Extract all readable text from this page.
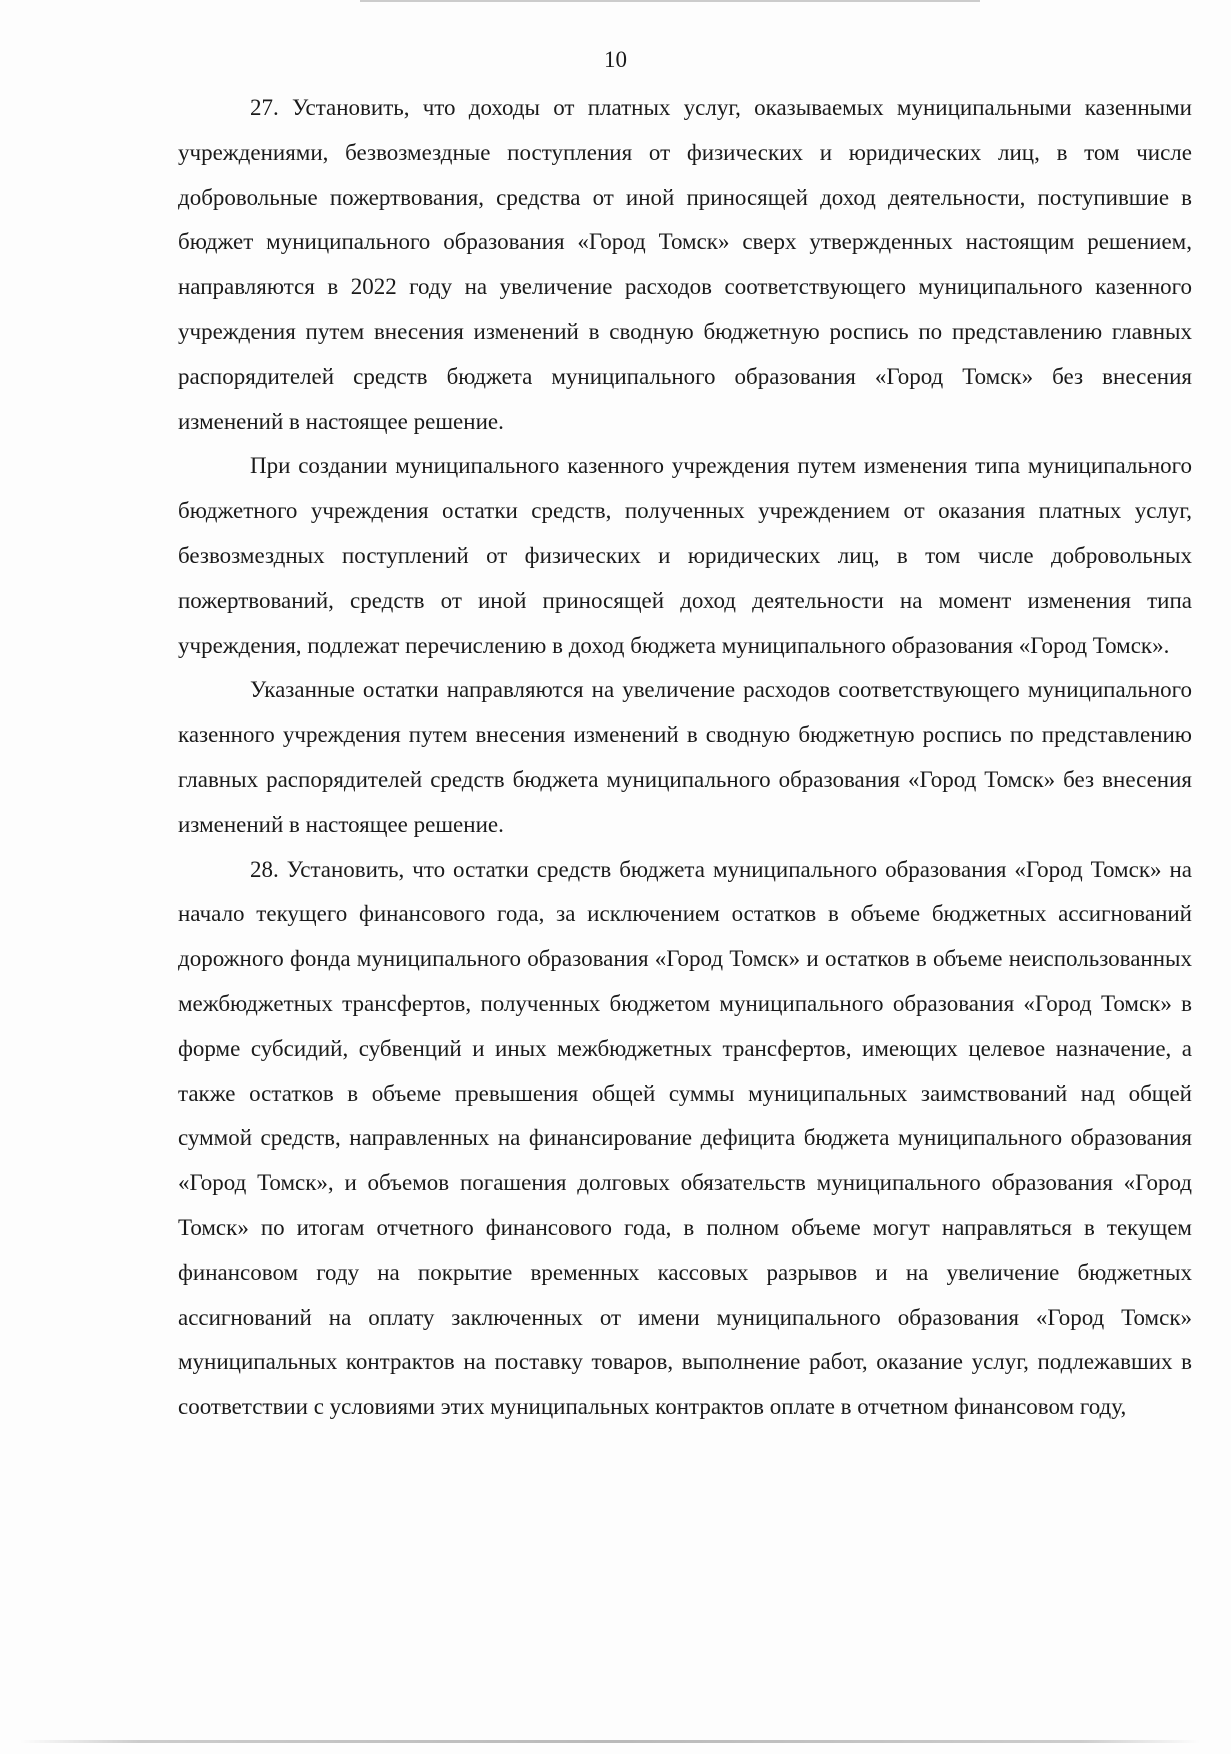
10

27. Установить, что доходы от платных услуг, оказываемых муниципальными казенными учреждениями, безвозмездные поступления от физических и юридических лиц, в том числе добровольные пожертвования, средства от иной приносящей доход деятельности, поступившие в бюджет муниципального образования «Город Томск» сверх утвержденных настоящим решением, направляются в 2022 году на увеличение расходов соответствующего муниципального казенного учреждения путем внесения изменений в сводную бюджетную роспись по представлению главных распорядителей средств бюджета муниципального образования «Город Томск» без внесения изменений в настоящее решение.

При создании муниципального казенного учреждения путем изменения типа муниципального бюджетного учреждения остатки средств, полученных учреждением от оказания платных услуг, безвозмездных поступлений от физических и юридических лиц, в том числе добровольных пожертвований, средств от иной приносящей доход деятельности на момент изменения типа учреждения, подлежат перечислению в доход бюджета муниципального образования «Город Томск».

Указанные остатки направляются на увеличение расходов соответствующего муниципального казенного учреждения путем внесения изменений в сводную бюджетную роспись по представлению главных распорядителей средств бюджета муниципального образования «Город Томск» без внесения изменений в настоящее решение.

28. Установить, что остатки средств бюджета муниципального образования «Город Томск» на начало текущего финансового года, за исключением остатков в объеме бюджетных ассигнований дорожного фонда муниципального образования «Город Томск» и остатков в объеме неиспользованных межбюджетных трансфертов, полученных бюджетом муниципального образования «Город Томск» в форме субсидий, субвенций и иных межбюджетных трансфертов, имеющих целевое назначение, а также остатков в объеме превышения общей суммы муниципальных заимствований над общей суммой средств, направленных на финансирование дефицита бюджета муниципального образования «Город Томск», и объемов погашения долговых обязательств муниципального образования «Город Томск» по итогам отчетного финансового года, в полном объеме могут направляться в текущем финансовом году на покрытие временных кассовых разрывов и на увеличение бюджетных ассигнований на оплату заключенных от имени муниципального образования «Город Томск» муниципальных контрактов на поставку товаров, выполнение работ, оказание услуг, подлежавших в соответствии с условиями этих муниципальных контрактов оплате в отчетном финансовом году,
